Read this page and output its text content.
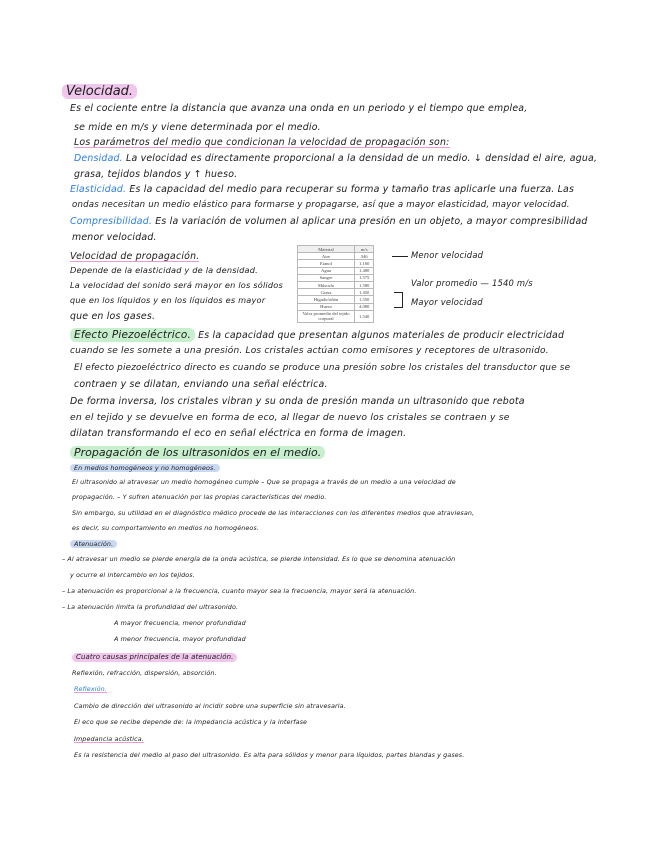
Velocidad.
Es el cociente entre la distancia que avanza una onda en un periodo y el tiempo que emplea,
se mide en m/s y viene determinada por el medio.
Los parámetros del medio que condicionan la velocidad de propagación son:
Densidad. La velocidad es directamente proporcional a la densidad de un medio. ↓ densidad el aire, agua,
grasa, tejidos blandos y ↑ hueso.
Elasticidad. Es la capacidad del medio para recuperar su forma y tamaño tras aplicarle una fuerza. Las
ondas necesitan un medio elástico para formarse y propagarse, así que a mayor elasticidad, mayor velocidad.
Compresibilidad. Es la variación de volumen al aplicar una presión en un objeto, a mayor compresibilidad
menor velocidad.
Velocidad de propagación.
Depende de la elasticidad y de la densidad.
La velocidad del sonido será mayor en los sólidos
que en los líquidos y en los líquidos es mayor
que en los gases.
Material	m/s
Aire	346
Etanol	1.160
Agua	1.480
Sangre	1.575
Músculo	1.580
Grasa	1.450
Hígado/riñón	1.550
Hueso	4.080
Valor promedio del tejido corporal	1.540
Menor velocidad
Valor promedio — 1540 m/s
Mayor velocidad
Efecto Piezoeléctrico. Es la capacidad que presentan algunos materiales de producir electricidad
cuando se les somete a una presión. Los cristales actúan como emisores y receptores de ultrasonido.
El efecto piezoeléctrico directo es cuando se produce una presión sobre los cristales del transductor que se
contraen y se dilatan, enviando una señal eléctrica.
De forma inversa, los cristales vibran y su onda de presión manda un ultrasonido que rebota
en el tejido y se devuelve en forma de eco, al llegar de nuevo los cristales se contraen y se
dilatan transformando el eco en señal eléctrica en forma de imagen.
Propagación de los ultrasonidos en el medio.
En medios homogéneos y no homogéneos.
El ultrasonido al atravesar un medio homogéneo cumple – Que se propaga a través de un medio a una velocidad de
propagación. – Y sufren atenuación por las propias características del medio.
Sin embargo, su utilidad en el diagnóstico médico procede de las interacciones con los diferentes medios que atraviesan,
es decir, su comportamiento en medios no homogéneos.
Atenuación.
– Al atravesar un medio se pierde energía de la onda acústica, se pierde intensidad. Es lo que se denomina atenuación
y ocurre el intercambio en los tejidos.
– La atenuación es proporcional a la frecuencia, cuanto mayor sea la frecuencia, mayor será la atenuación.
– La atenuación limita la profundidad del ultrasonido.
A mayor frecuencia, menor profundidad
A menor frecuencia, mayor profundidad
Cuatro causas principales de la atenuación.
Reflexión, refracción, dispersión, absorción.
Reflexión.
Cambio de dirección del ultrasonido al incidir sobre una superficie sin atravesarla.
El eco que se recibe depende de: la impedancia acústica y la interfase
Impedancia acústica.
Es la resistencia del medio al paso del ultrasonido. Es alta para sólidos y menor para líquidos, partes blandas y gases.
